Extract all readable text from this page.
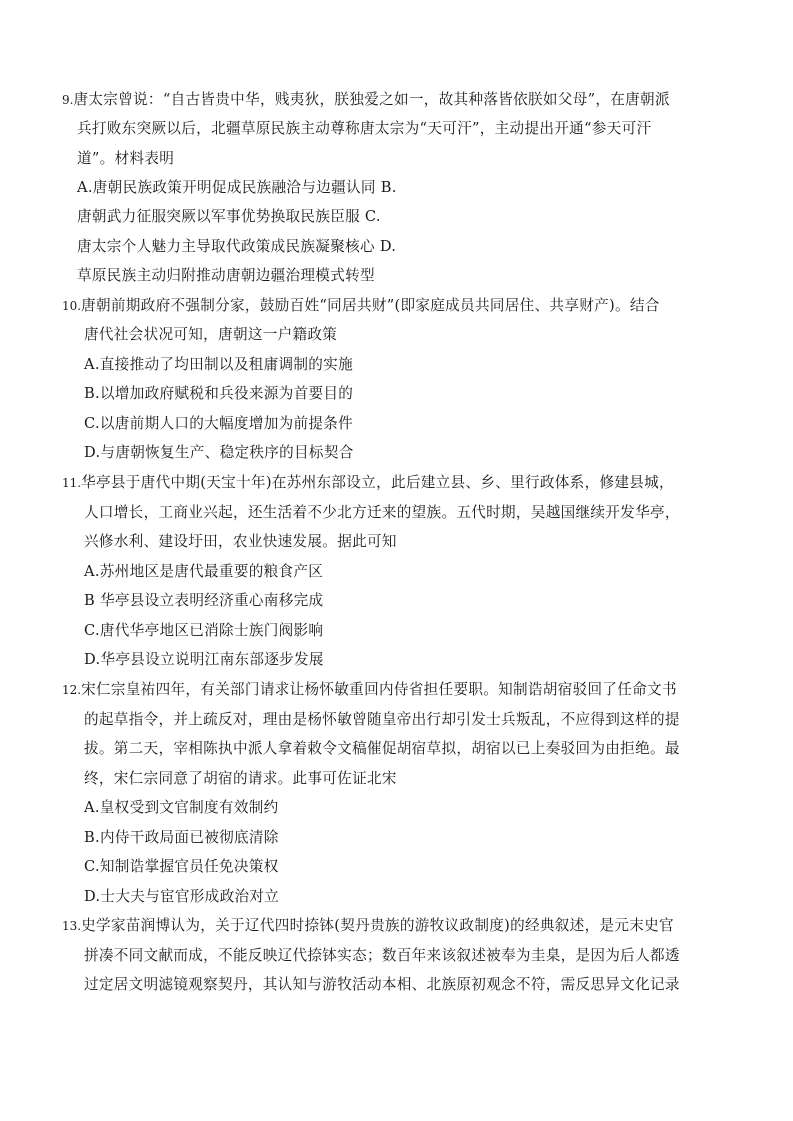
9.唐太宗曾说：“自古皆贵中华，贱夷狄，朕独爱之如一，故其种落皆依朕如父母”，在唐朝派
兵打败东突厥以后，北疆草原民族主动尊称唐太宗为“天可汗”，主动提出开通“参天可汗
道”。材料表明
A.唐朝民族政策开明促成民族融洽与边疆认同 B.
唐朝武力征服突厥以军事优势换取民族臣服 C.
唐太宗个人魅力主导取代政策成民族凝聚核心 D.
草原民族主动归附推动唐朝边疆治理模式转型
10.唐朝前期政府不强制分家，鼓励百姓“同居共财”(即家庭成员共同居住、共享财产)。结合
唐代社会状况可知，唐朝这一户籍政策
A.直接推动了均田制以及租庸调制的实施
B.以增加政府赋税和兵役来源为首要目的
C.以唐前期人口的大幅度增加为前提条件
D.与唐朝恢复生产、稳定秩序的目标契合
11.华亭县于唐代中期(天宝十年)在苏州东部设立，此后建立县、乡、里行政体系，修建县城，
人口增长，工商业兴起，还生活着不少北方迁来的望族。五代时期，吴越国继续开发华亭，
兴修水利、建设圩田，农业快速发展。据此可知
A.苏州地区是唐代最重要的粮食产区
B 华亭县设立表明经济重心南移完成
C.唐代华亭地区已消除士族门阀影响
D.华亭县设立说明江南东部逐步发展
12.宋仁宗皇祐四年，有关部门请求让杨怀敏重回内侍省担任要职。知制诰胡宿驳回了任命文书
的起草指令，并上疏反对，理由是杨怀敏曾随皇帝出行却引发士兵叛乱，不应得到这样的提
拔。第二天，宰相陈执中派人拿着敕令文稿催促胡宿草拟，胡宿以已上奏驳回为由拒绝。最
终，宋仁宗同意了胡宿的请求。此事可佐证北宋
A.皇权受到文官制度有效制约
B.内侍干政局面已被彻底清除
C.知制诰掌握官员任免决策权
D.士大夫与宦官形成政治对立
13.史学家苗润博认为，关于辽代四时捺钵(契丹贵族的游牧议政制度)的经典叙述，是元末史官
拼凑不同文献而成，不能反映辽代捺钵实态；数百年来该叙述被奉为圭臬，是因为后人都透
过定居文明滤镜观察契丹，其认知与游牧活动本相、北族原初观念不符，需反思异文化记录
